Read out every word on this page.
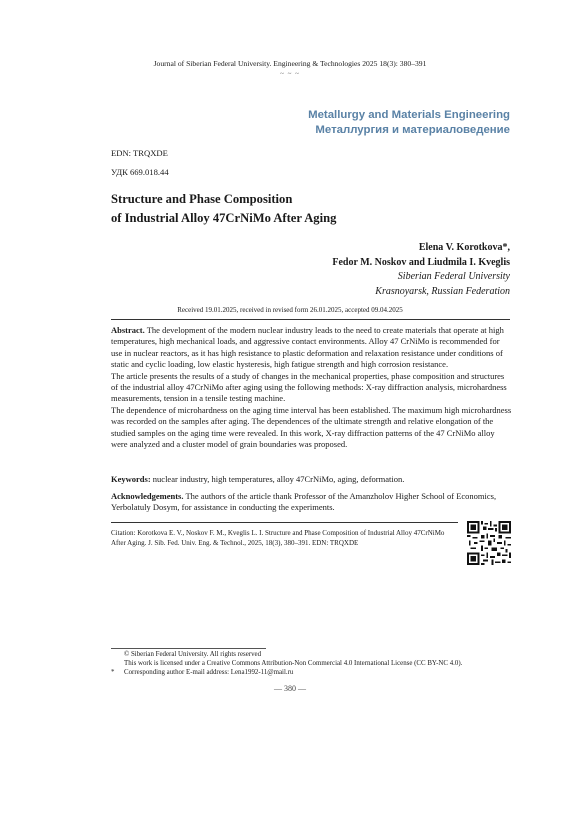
Journal of Siberian Federal University. Engineering & Technologies 2025 18(3): 380–391
~ ~ ~
Metallurgy and Materials Engineering
Металлургия и материаловедение
EDN: TRQXDE
УДК 669.018.44
Structure and Phase Composition
of Industrial Alloy 47CrNiMo After Aging
Elena V. Korotkova*,
Fedor M. Noskov and Liudmila I. Kveglis
Siberian Federal University
Krasnoyarsk, Russian Federation
Received 19.01.2025, received in revised form 26.01.2025, accepted 09.04.2025

Abstract. The development of the modern nuclear industry leads to the need to create materials that operate at high temperatures, high mechanical loads, and aggressive contact environments. Alloy 47 CrNiMo is recommended for use in nuclear reactors, as it has high resistance to plastic deformation and relaxation resistance under conditions of static and cyclic loading, low elastic hysteresis, high fatigue strength and high corrosion resistance.

The article presents the results of a study of changes in the mechanical properties, phase composition and structures of the industrial alloy 47CrNiMo after aging using the following methods: X-ray diffraction analysis, microhardness measurements, tension in a tensile testing machine.

The dependence of microhardness on the aging time interval has been established. The maximum high microhardness was recorded on the samples after aging. The dependences of the ultimate strength and relative elongation of the studied samples on the aging time were revealed. In this work, X-ray diffraction patterns of the 47 CrNiMo alloy were analyzed and a cluster model of grain boundaries was proposed.

Keywords: nuclear industry, high temperatures, alloy 47CrNiMo, aging, deformation.

Acknowledgements. The authors of the article thank Professor of the Amanzholov Higher School of Economics, Yerbolatuly Dosym, for assistance in conducting the experiments.

Citation: Korotkova E. V., Noskov F. M., Kveglis L. I. Structure and Phase Composition of Industrial Alloy 47CrNiMo After Aging. J. Sib. Fed. Univ. Eng. & Technol., 2025, 18(3), 380–391. EDN: TRQXDE
© Siberian Federal University. All rights reserved
This work is licensed under a Creative Commons Attribution-Non Commercial 4.0 International License (CC BY-NC 4.0).
* Corresponding author E-mail address: Lena1992-11@mail.ru
— 380 —
